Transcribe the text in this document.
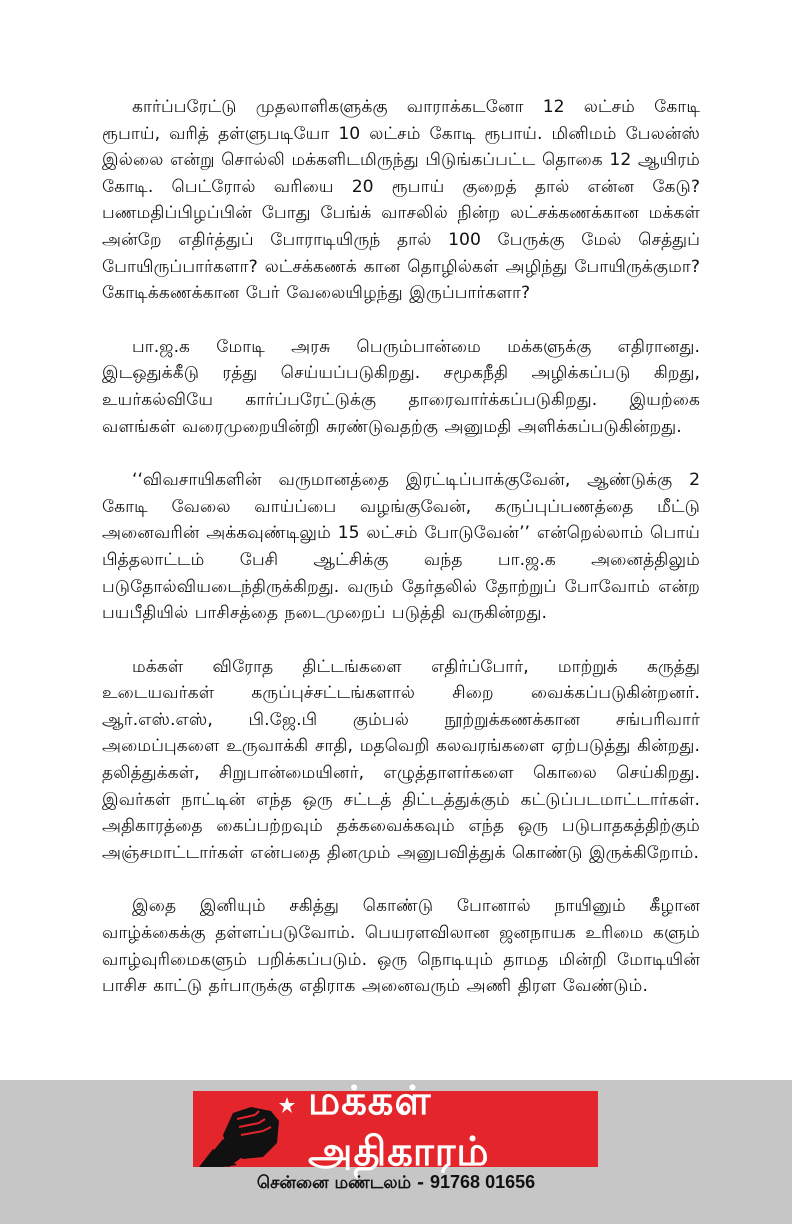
கார்ப்பரேட்டு முதலாளிகளுக்கு வாராக்கடனோ 12 லட்சம் கோடி ரூபாய், வரித் தள்ளுபடியோ 10 லட்சம் கோடி ரூபாய். மினிமம் பேலன்ஸ் இல்லை என்று சொல்லி மக்களிடமிருந்து பிடுங்கப்பட்ட தொகை 12 ஆயிரம் கோடி. பெட்ரோல் வரியை 20 ரூபாய் குறைத் தால் என்ன கேடு? பணமதிப்பிழப்பின் போது பேங்க் வாசலில் நின்ற லட்சக்கணக்கான மக்கள் அன்றே எதிர்த்துப் போராடியிருந் தால் 100 பேருக்கு மேல் செத்துப் போயிருப்பார்களா? லட்சக்கணக் கான தொழில்கள் அழிந்து போயிருக்குமா? கோடிக்கணக்கான பேர் வேலையிழந்து இருப்பார்களா?

பா.ஜ.க மோடி அரசு பெரும்பான்மை மக்களுக்கு எதிரானது. இடஒதுக்கீடு ரத்து செய்யப்படுகிறது. சமூகநீதி அழிக்கப்படு கிறது, உயர்கல்வியே கார்ப்பரேட்டுக்கு தாரைவார்க்கப்படுகிறது. இயற்கை வளங்கள் வரைமுறையின்றி சுரண்டுவதற்கு அனுமதி அளிக்கப்படுகின்றது.

‘‘விவசாயிகளின் வருமானத்தை இரட்டிப்பாக்குவேன், ஆண்டுக்கு 2 கோடி வேலை வாய்ப்பை வழங்குவேன், கருப்புப்பணத்தை மீட்டு அனைவரின் அக்கவுண்டிலும் 15 லட்சம் போடுவேன்’’ என்றெல்லாம் பொய் பித்தலாட்டம் பேசி ஆட்சிக்கு வந்த பா.ஜ.க அனைத்திலும் படுதோல்வியடைந்திருக்கிறது. வரும் தேர்தலில் தோற்றுப் போவோம் என்ற பயபீதியில் பாசிசத்தை நடைமுறைப் படுத்தி வருகின்றது.

மக்கள் விரோத திட்டங்களை எதிர்ப்போர், மாற்றுக் கருத்து உடையவர்கள் கருப்புச்சட்டங்களால் சிறை வைக்கப்படுகின்றனர். ஆர்.எஸ்.எஸ், பி.ஜே.பி கும்பல் நூற்றுக்கணக்கான சங்பரிவார் அமைப்புகளை உருவாக்கி சாதி, மதவெறி கலவரங்களை ஏற்படுத்து கின்றது. தலித்துக்கள், சிறுபான்மையினர், எழுத்தாளர்களை கொலை செய்கிறது. இவர்கள் நாட்டின் எந்த ஒரு சட்டத் திட்டத்துக்கும் கட்டுப்படமாட்டார்கள். அதிகாரத்தை கைப்பற்றவும் தக்கவைக்கவும் எந்த ஒரு படுபாதகத்திற்கும் அஞ்சமாட்டார்கள் என்பதை தினமும் அனுபவித்துக் கொண்டு இருக்கிறோம்.

இதை இனியும் சகித்து கொண்டு போனால் நாயினும் கீழான வாழ்க்கைக்கு தள்ளப்படுவோம். பெயரளவிலான ஜனநாயக உரிமை களும் வாழ்வுரிமைகளும் பறிக்கப்படும். ஒரு நொடியும் தாமத மின்றி மோடியின் பாசிச காட்டு தர்பாருக்கு எதிராக அனைவரும் அணி திரள வேண்டும்.

மக்கள் அதிகாரம்
சென்னை மண்டலம் - 91768 01656
